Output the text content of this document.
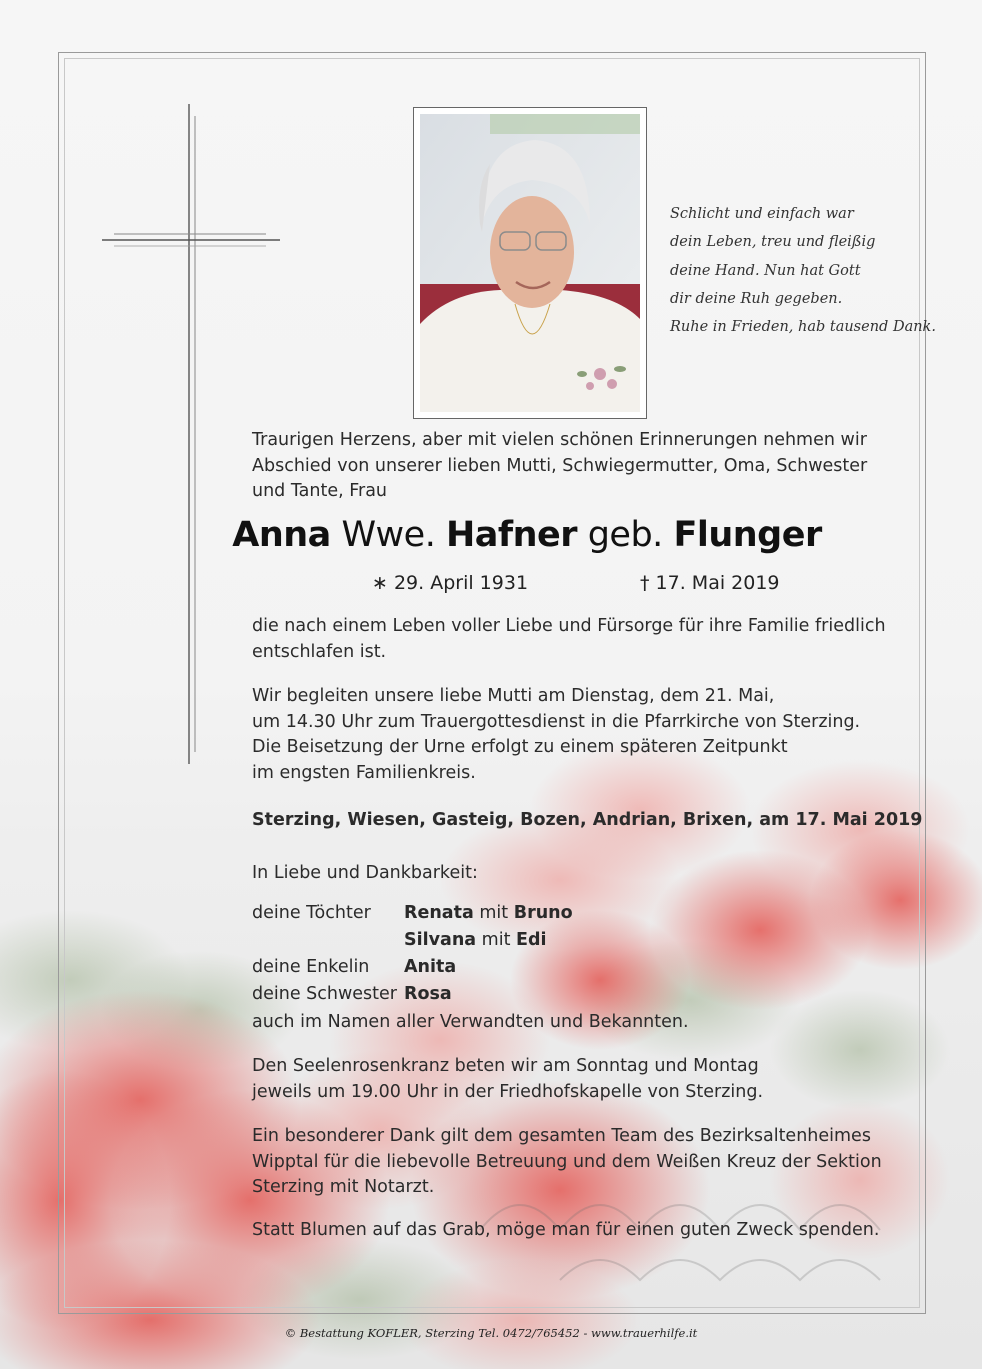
Schlicht und einfach war
dein Leben, treu und fleißig
deine Hand. Nun hat Gott
dir deine Ruh gegeben.
Ruhe in Frieden, hab tausend Dank.
Traurigen Herzens, aber mit vielen schönen Erinnerungen nehmen wir
Abschied von unserer lieben Mutti, Schwiegermutter, Oma, Schwester
und Tante, Frau
Anna Wwe. Hafner geb. Flunger
∗ 29. April 1931	† 17. Mai 2019
die nach einem Leben voller Liebe und Fürsorge für ihre Familie friedlich
entschlafen ist.
Wir begleiten unsere liebe Mutti am Dienstag, dem 21. Mai,
um 14.30 Uhr zum Trauergottesdienst in die Pfarrkirche von Sterzing.
Die Beisetzung der Urne erfolgt zu einem späteren Zeitpunkt
im engsten Familienkreis.
Sterzing, Wiesen, Gasteig, Bozen, Andrian, Brixen, am 17. Mai 2019
In Liebe und Dankbarkeit:
deine Töchter
deine Enkelin
deine Schwester
Renata mit Bruno
Silvana mit Edi
Anita
Rosa
auch im Namen aller Verwandten und Bekannten.
Den Seelenrosenkranz beten wir am Sonntag und Montag
jeweils um 19.00 Uhr in der Friedhofskapelle von Sterzing.
Ein besonderer Dank gilt dem gesamten Team des Bezirksaltenheimes
Wipptal für die liebevolle Betreuung und dem Weißen Kreuz der Sektion
Sterzing mit Notarzt.
Statt Blumen auf das Grab, möge man für einen guten Zweck spenden.
© Bestattung KOFLER, Sterzing Tel. 0472/765452 - www.trauerhilfe.it
